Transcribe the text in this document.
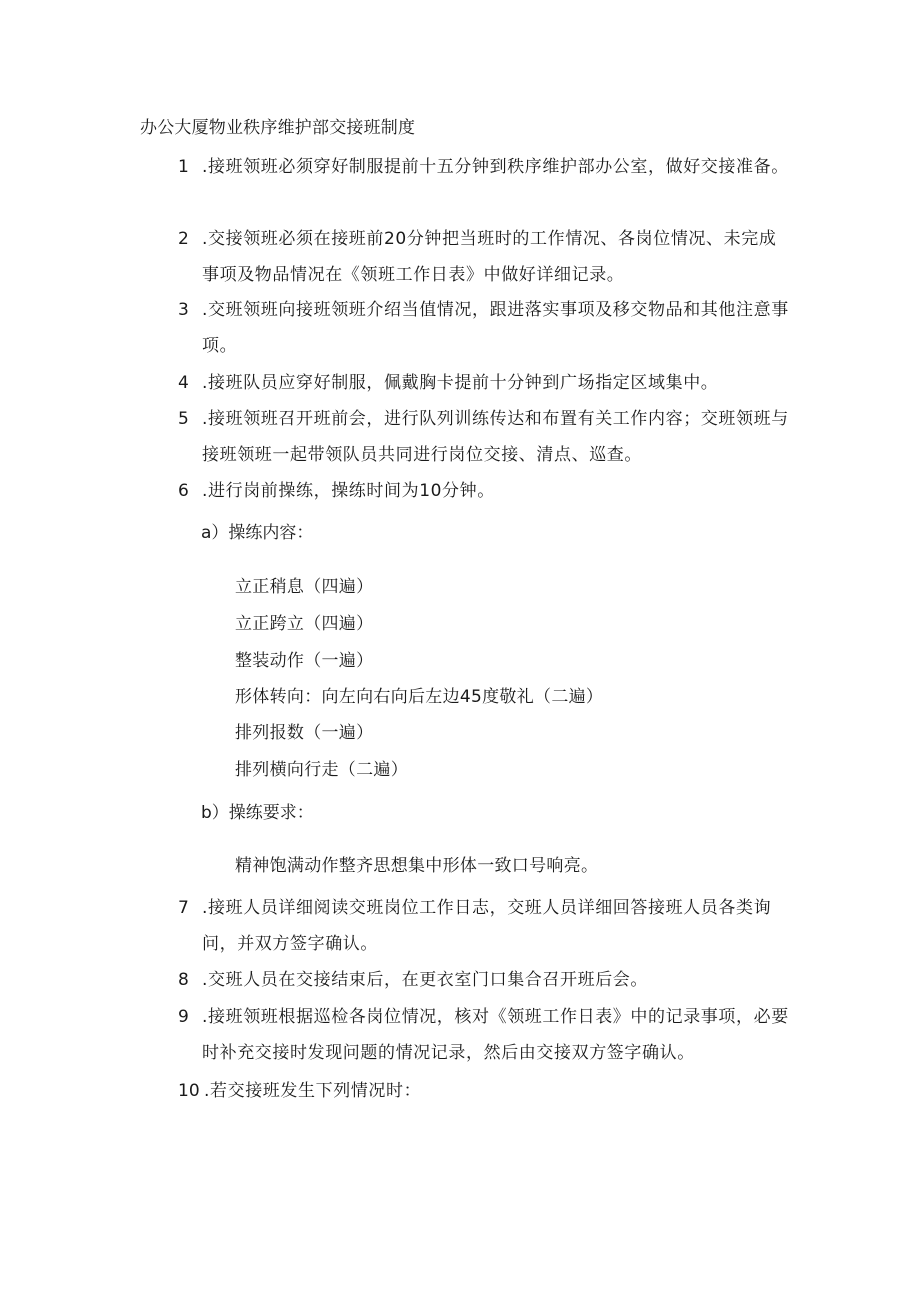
办公大厦物业秩序维护部交接班制度
1 .接班领班必须穿好制服提前十五分钟到秩序维护部办公室，做好交接准备。
2 .交接领班必须在接班前20分钟把当班时的工作情况、各岗位情况、未完成事项及物品情况在《领班工作日表》中做好详细记录。
3 .交班领班向接班领班介绍当值情况，跟进落实事项及移交物品和其他注意事项。
4 .接班队员应穿好制服，佩戴胸卡提前十分钟到广场指定区域集中。
5 .接班领班召开班前会，进行队列训练传达和布置有关工作内容；交班领班与接班领班一起带领队员共同进行岗位交接、清点、巡查。
6 .进行岗前操练，操练时间为10分钟。
a）操练内容：
立正稍息（四遍）
立正跨立（四遍）
整装动作（一遍）
形体转向：向左向右向后左边45度敬礼（二遍）
排列报数（一遍）
排列横向行走（二遍）
b）操练要求：
精神饱满动作整齐思想集中形体一致口号响亮。
7 .接班人员详细阅读交班岗位工作日志，交班人员详细回答接班人员各类询问，并双方签字确认。
8 .交班人员在交接结束后，在更衣室门口集合召开班后会。
9 .接班领班根据巡检各岗位情况，核对《领班工作日表》中的记录事项，必要时补充交接时发现问题的情况记录，然后由交接双方签字确认。
10 .若交接班发生下列情况时：
